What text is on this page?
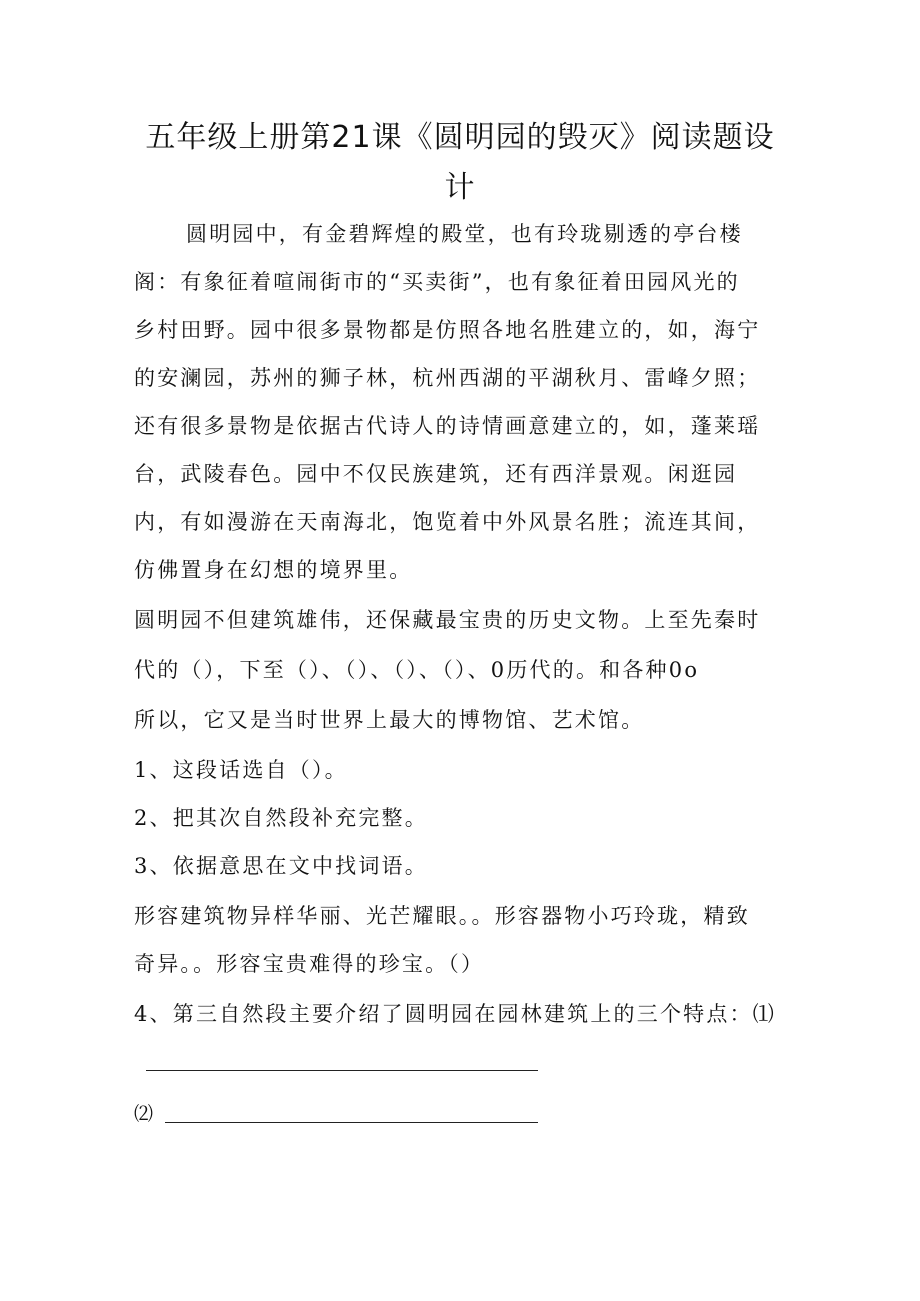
五年级上册第21课《圆明园的毁灭》阅读题设
计
圆明园中，有金碧辉煌的殿堂，也有玲珑剔透的亭台楼
阁：有象征着喧闹街市的“买卖街”，也有象征着田园风光的
乡村田野。园中很多景物都是仿照各地名胜建立的，如，海宁
的安澜园，苏州的狮子林，杭州西湖的平湖秋月、雷峰夕照；
还有很多景物是依据古代诗人的诗情画意建立的，如，蓬莱瑶
台，武陵春色。园中不仅民族建筑，还有西洋景观。闲逛园
内，有如漫游在天南海北，饱览着中外风景名胜；流连其间，
仿佛置身在幻想的境界里。
圆明园不但建筑雄伟，还保藏最宝贵的历史文物。上至先秦时
代的（），下至（）、（）、（）、（）、0历代的。和各种0o
所以，它又是当时世界上最大的博物馆、艺术馆。
1、这段话选自（）。
2、把其次自然段补充完整。
3、依据意思在文中找词语。
形容建筑物异样华丽、光芒耀眼。。形容器物小巧玲珑，精致
奇异。。形容宝贵难得的珍宝。（）
4、第三自然段主要介绍了圆明园在园林建筑上的三个特点：⑴
⑵
